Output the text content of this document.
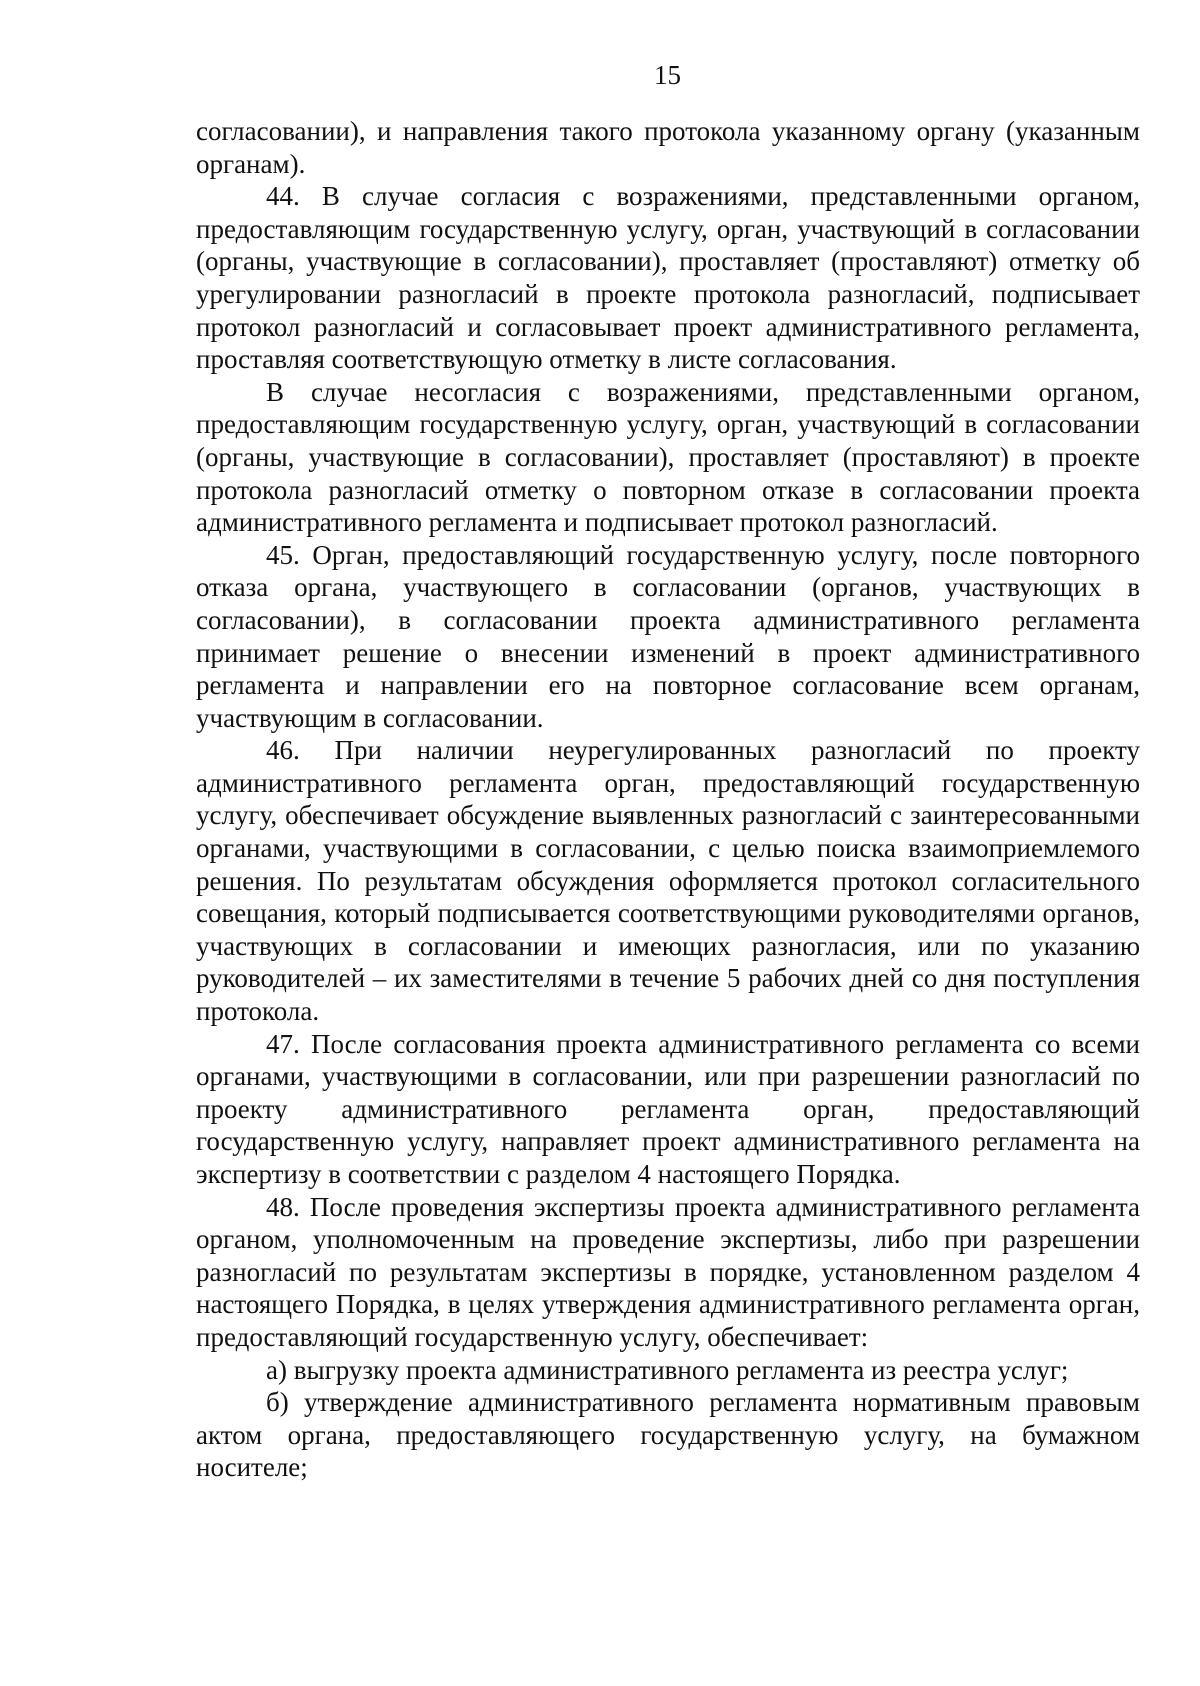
15

согласовании), и направления такого протокола указанному органу (указанным органам).

44. В случае согласия с возражениями, представленными органом, предоставляющим государственную услугу, орган, участвующий в согласовании (органы, участвующие в согласовании), проставляет (проставляют) отметку об урегулировании разногласий в проекте протокола разногласий, подписывает протокол разногласий и согласовывает проект административного регламента, проставляя соответствующую отметку в листе согласования.

В случае несогласия с возражениями, представленными органом, предоставляющим государственную услугу, орган, участвующий в согласовании (органы, участвующие в согласовании), проставляет (проставляют) в проекте протокола разногласий отметку о повторном отказе в согласовании проекта административного регламента и подписывает протокол разногласий.

45. Орган, предоставляющий государственную услугу, после повторного отказа органа, участвующего в согласовании (органов, участвующих в согласовании), в согласовании проекта административного регламента принимает решение о внесении изменений в проект административного регламента и направлении его на повторное согласование всем органам, участвующим в согласовании.

46. При наличии неурегулированных разногласий по проекту административного регламента орган, предоставляющий государственную услугу, обеспечивает обсуждение выявленных разногласий с заинтересованными органами, участвующими в согласовании, с целью поиска взаимоприемлемого решения. По результатам обсуждения оформляется протокол согласительного совещания, который подписывается соответствующими руководителями органов, участвующих в согласовании и имеющих разногласия, или по указанию руководителей – их заместителями в течение 5 рабочих дней со дня поступления протокола.

47. После согласования проекта административного регламента со всеми органами, участвующими в согласовании, или при разрешении разногласий по проекту административного регламента орган, предоставляющий государственную услугу, направляет проект административного регламента на экспертизу в соответствии с разделом 4 настоящего Порядка.

48. После проведения экспертизы проекта административного регламента органом, уполномоченным на проведение экспертизы, либо при разрешении разногласий по результатам экспертизы в порядке, установленном разделом 4 настоящего Порядка, в целях утверждения административного регламента орган, предоставляющий государственную услугу, обеспечивает:

а) выгрузку проекта административного регламента из реестра услуг;

б) утверждение административного регламента нормативным правовым актом органа, предоставляющего государственную услугу, на бумажном носителе;
